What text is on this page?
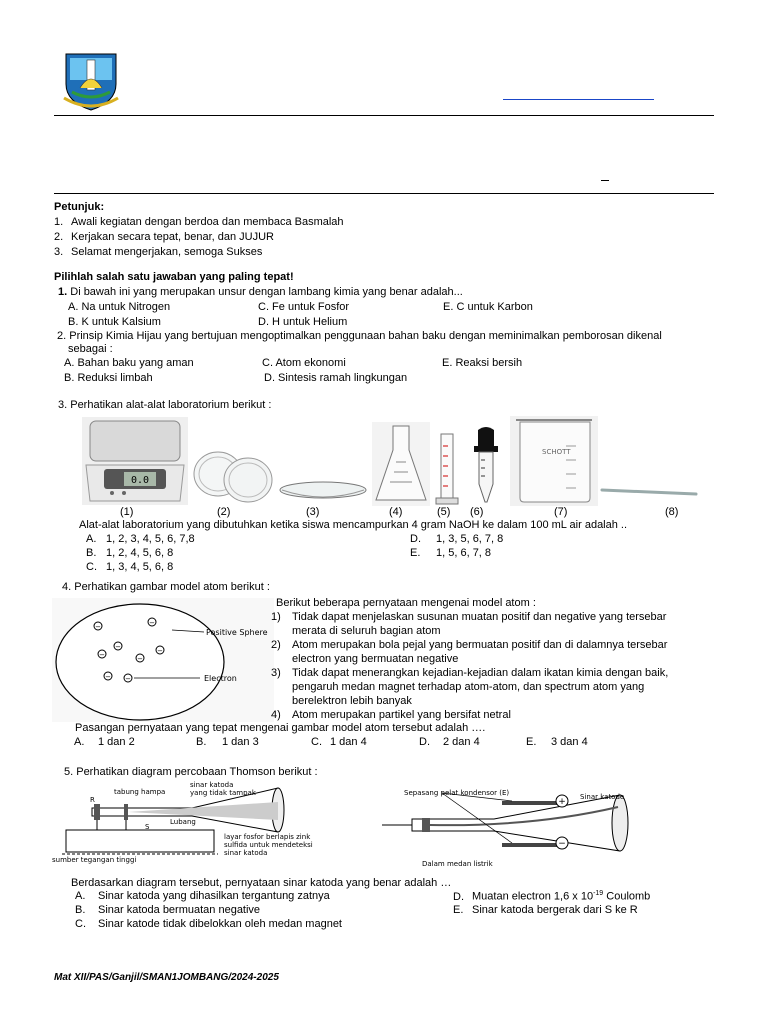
Petunjuk:
1. Awali kegiatan dengan berdoa dan membaca Basmalah
2. Kerjakan secara tepat, benar, dan JUJUR
3. Selamat mengerjakan, semoga Sukses
Pilihlah salah satu jawaban yang paling tepat!
1. Di bawah ini yang merupakan unsur dengan lambang kimia yang benar adalah...
A. Na untuk Nitrogen	C. Fe untuk Fosfor	E. C untuk Karbon
B. K untuk Kalsium	D. H untuk Helium
2. Prinsip Kimia Hijau yang bertujuan mengoptimalkan penggunaan bahan baku dengan meminimalkan pemborosan dikenal
sebagai :
A. Bahan baku yang aman	C. Atom ekonomi	E. Reaksi bersih
B. Reduksi limbah	D. Sintesis ramah lingkungan
3. Perhatikan alat-alat laboratorium berikut :
0.0
SCHOTT
(1)	(2)	(3)	(4)	(5) (6)	(7)	(8)
Alat-alat laboratorium yang dibutuhkan ketika siswa mencampurkan 4 gram NaOH ke dalam 100 mL air adalah ..
A. 1, 2, 3, 4, 5, 6, 7,8
B. 1, 2, 4, 5, 6, 8
C. 1, 3, 4, 5, 6, 8
D. 1, 3, 5, 6, 7, 8
E. 1, 5, 6, 7, 8
4. Perhatikan gambar model atom berikut :
−	−
−	−
−
− −
−
Positive Sphere
Electron
Berikut beberapa pernyataan mengenai model atom :
1) Tidak dapat menjelaskan susunan muatan positif dan negative yang tersebar
merata di seluruh bagian atom
2) Atom merupakan bola pejal yang bermuatan positif dan di dalamnya tersebar
electron yang bermuatan negative
3) Tidak dapat menerangkan kejadian-kejadian dalam ikatan kimia dengan baik,
pengaruh medan magnet terhadap atom-atom, dan spectrum atom yang
berelektron lebih banyak
4) Atom merupakan partikel yang bersifat netral
Pasangan pernyataan yang tepat mengenai gambar model atom tersebut adalah ….
A. 1 dan 2	B. 1 dan 3	C. 1 dan 4	D. 2 dan 4	E. 3 dan 4
5. Perhatikan diagram percobaan Thomson berikut :
tabung hampa
sinar katoda
yang tidak tampak
R
S
Lubang
layar fosfor berlapis zink
sulfida untuk mendeteksi
sinar katoda
sumber tegangan tinggi
+
−
Sepasang pelat kondensor (E)	Sinar katode
Dalam medan listrik
Berdasarkan diagram tersebut, pernyataan sinar katoda yang benar adalah …
A. Sinar katoda yang dihasilkan tergantung zatnya
B. Sinar katoda bermuatan negative
C. Sinar katode tidak dibelokkan oleh medan magnet
D. Muatan electron 1,6 x $10^{-19}$ Coulomb
E. Sinar katoda bergerak dari S ke R
Mat XII/PAS/Ganjil/SMAN1JOMBANG/2024-2025
